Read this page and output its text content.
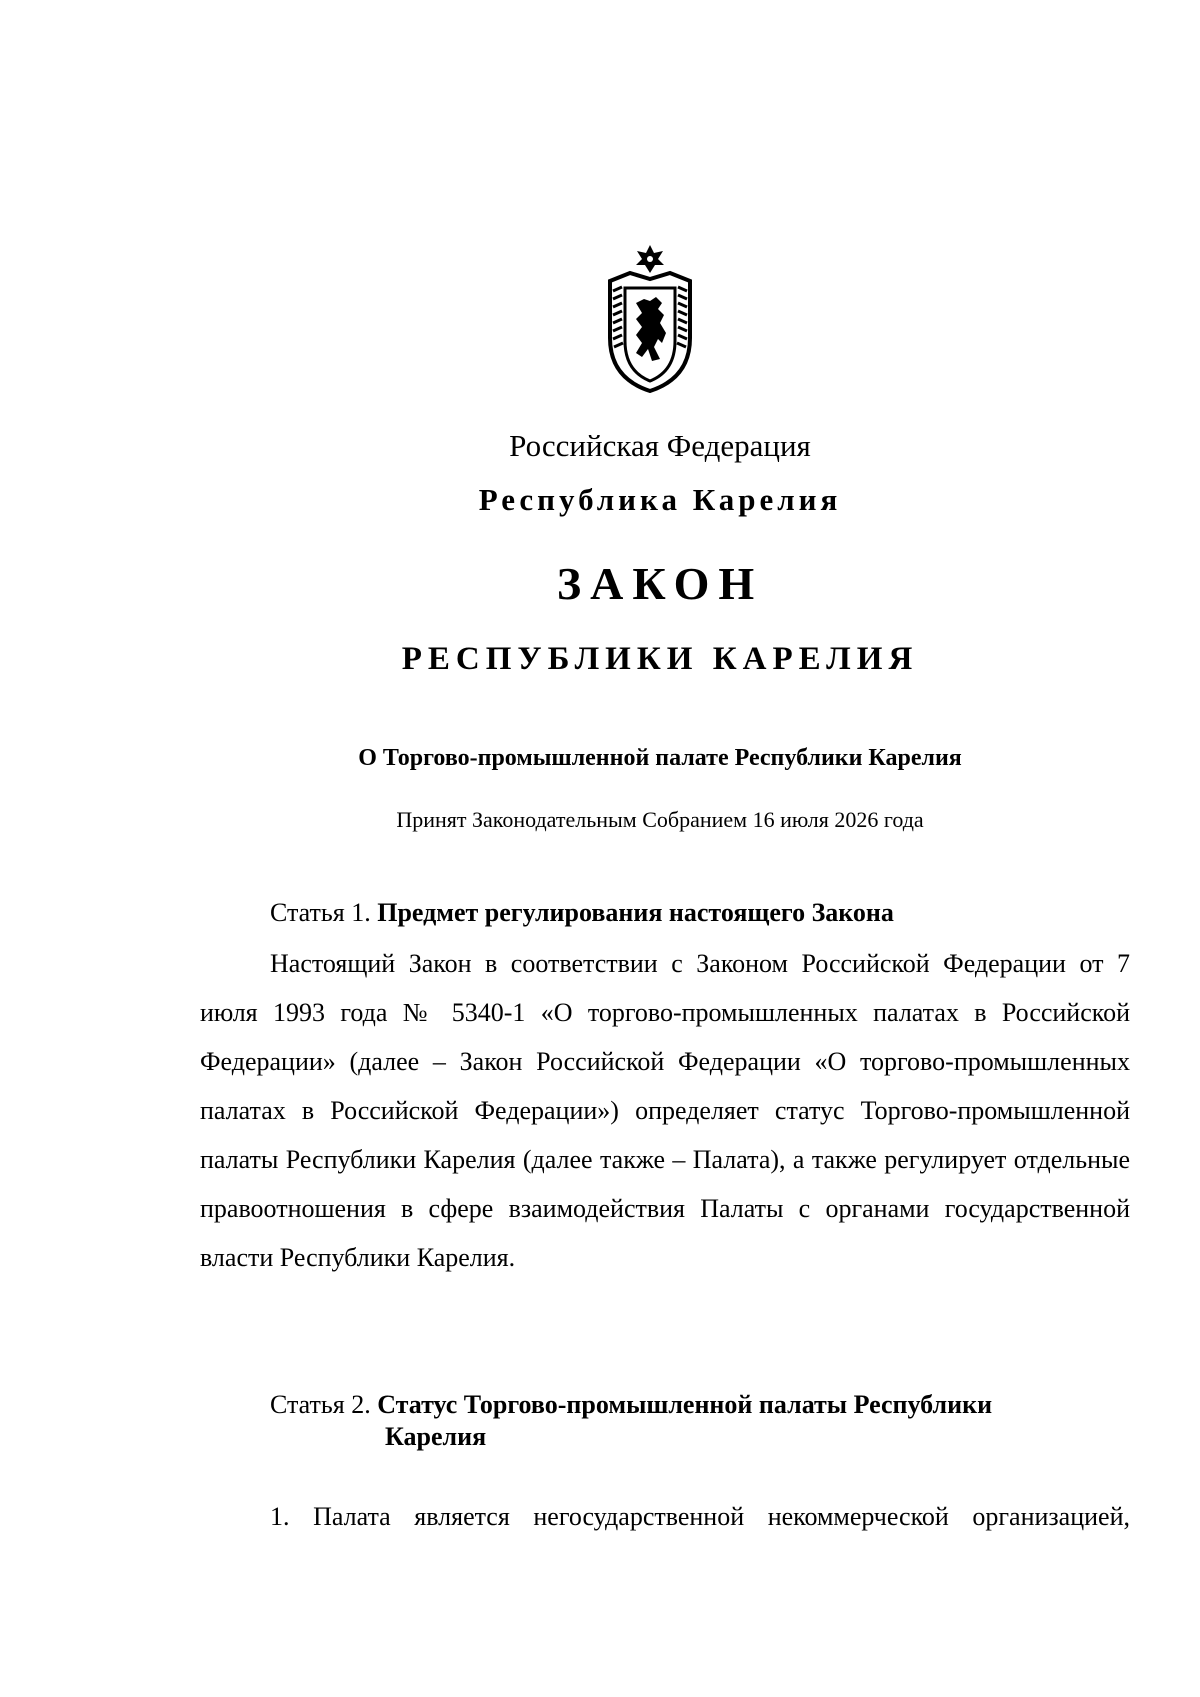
Российская Федерация
Республика Карелия
ЗАКОН
РЕСПУБЛИКИ КАРЕЛИЯ
О Торгово-промышленной палате Республики Карелия
Принят Законодательным Собранием 16 июля 2026 года
Статья 1. Предмет регулирования настоящего Закона
Настоящий Закон в соответствии с Законом Российской Федерации от 7 июля 1993 года № 5340-1 «О торгово-промышленных палатах в Российской Федерации» (далее – Закон Российской Федерации «О торгово-промышленных палатах в Российской Федерации») определяет статус Торгово-промышленной палаты Республики Карелия (далее также – Палата), а также регулирует отдельные правоотношения в сфере взаимодействия Палаты с органами государственной власти Республики Карелия.
Статья 2. Статус Торгово-промышленной палаты Республики
Карелия
1. Палата является негосударственной некоммерческой организацией,
